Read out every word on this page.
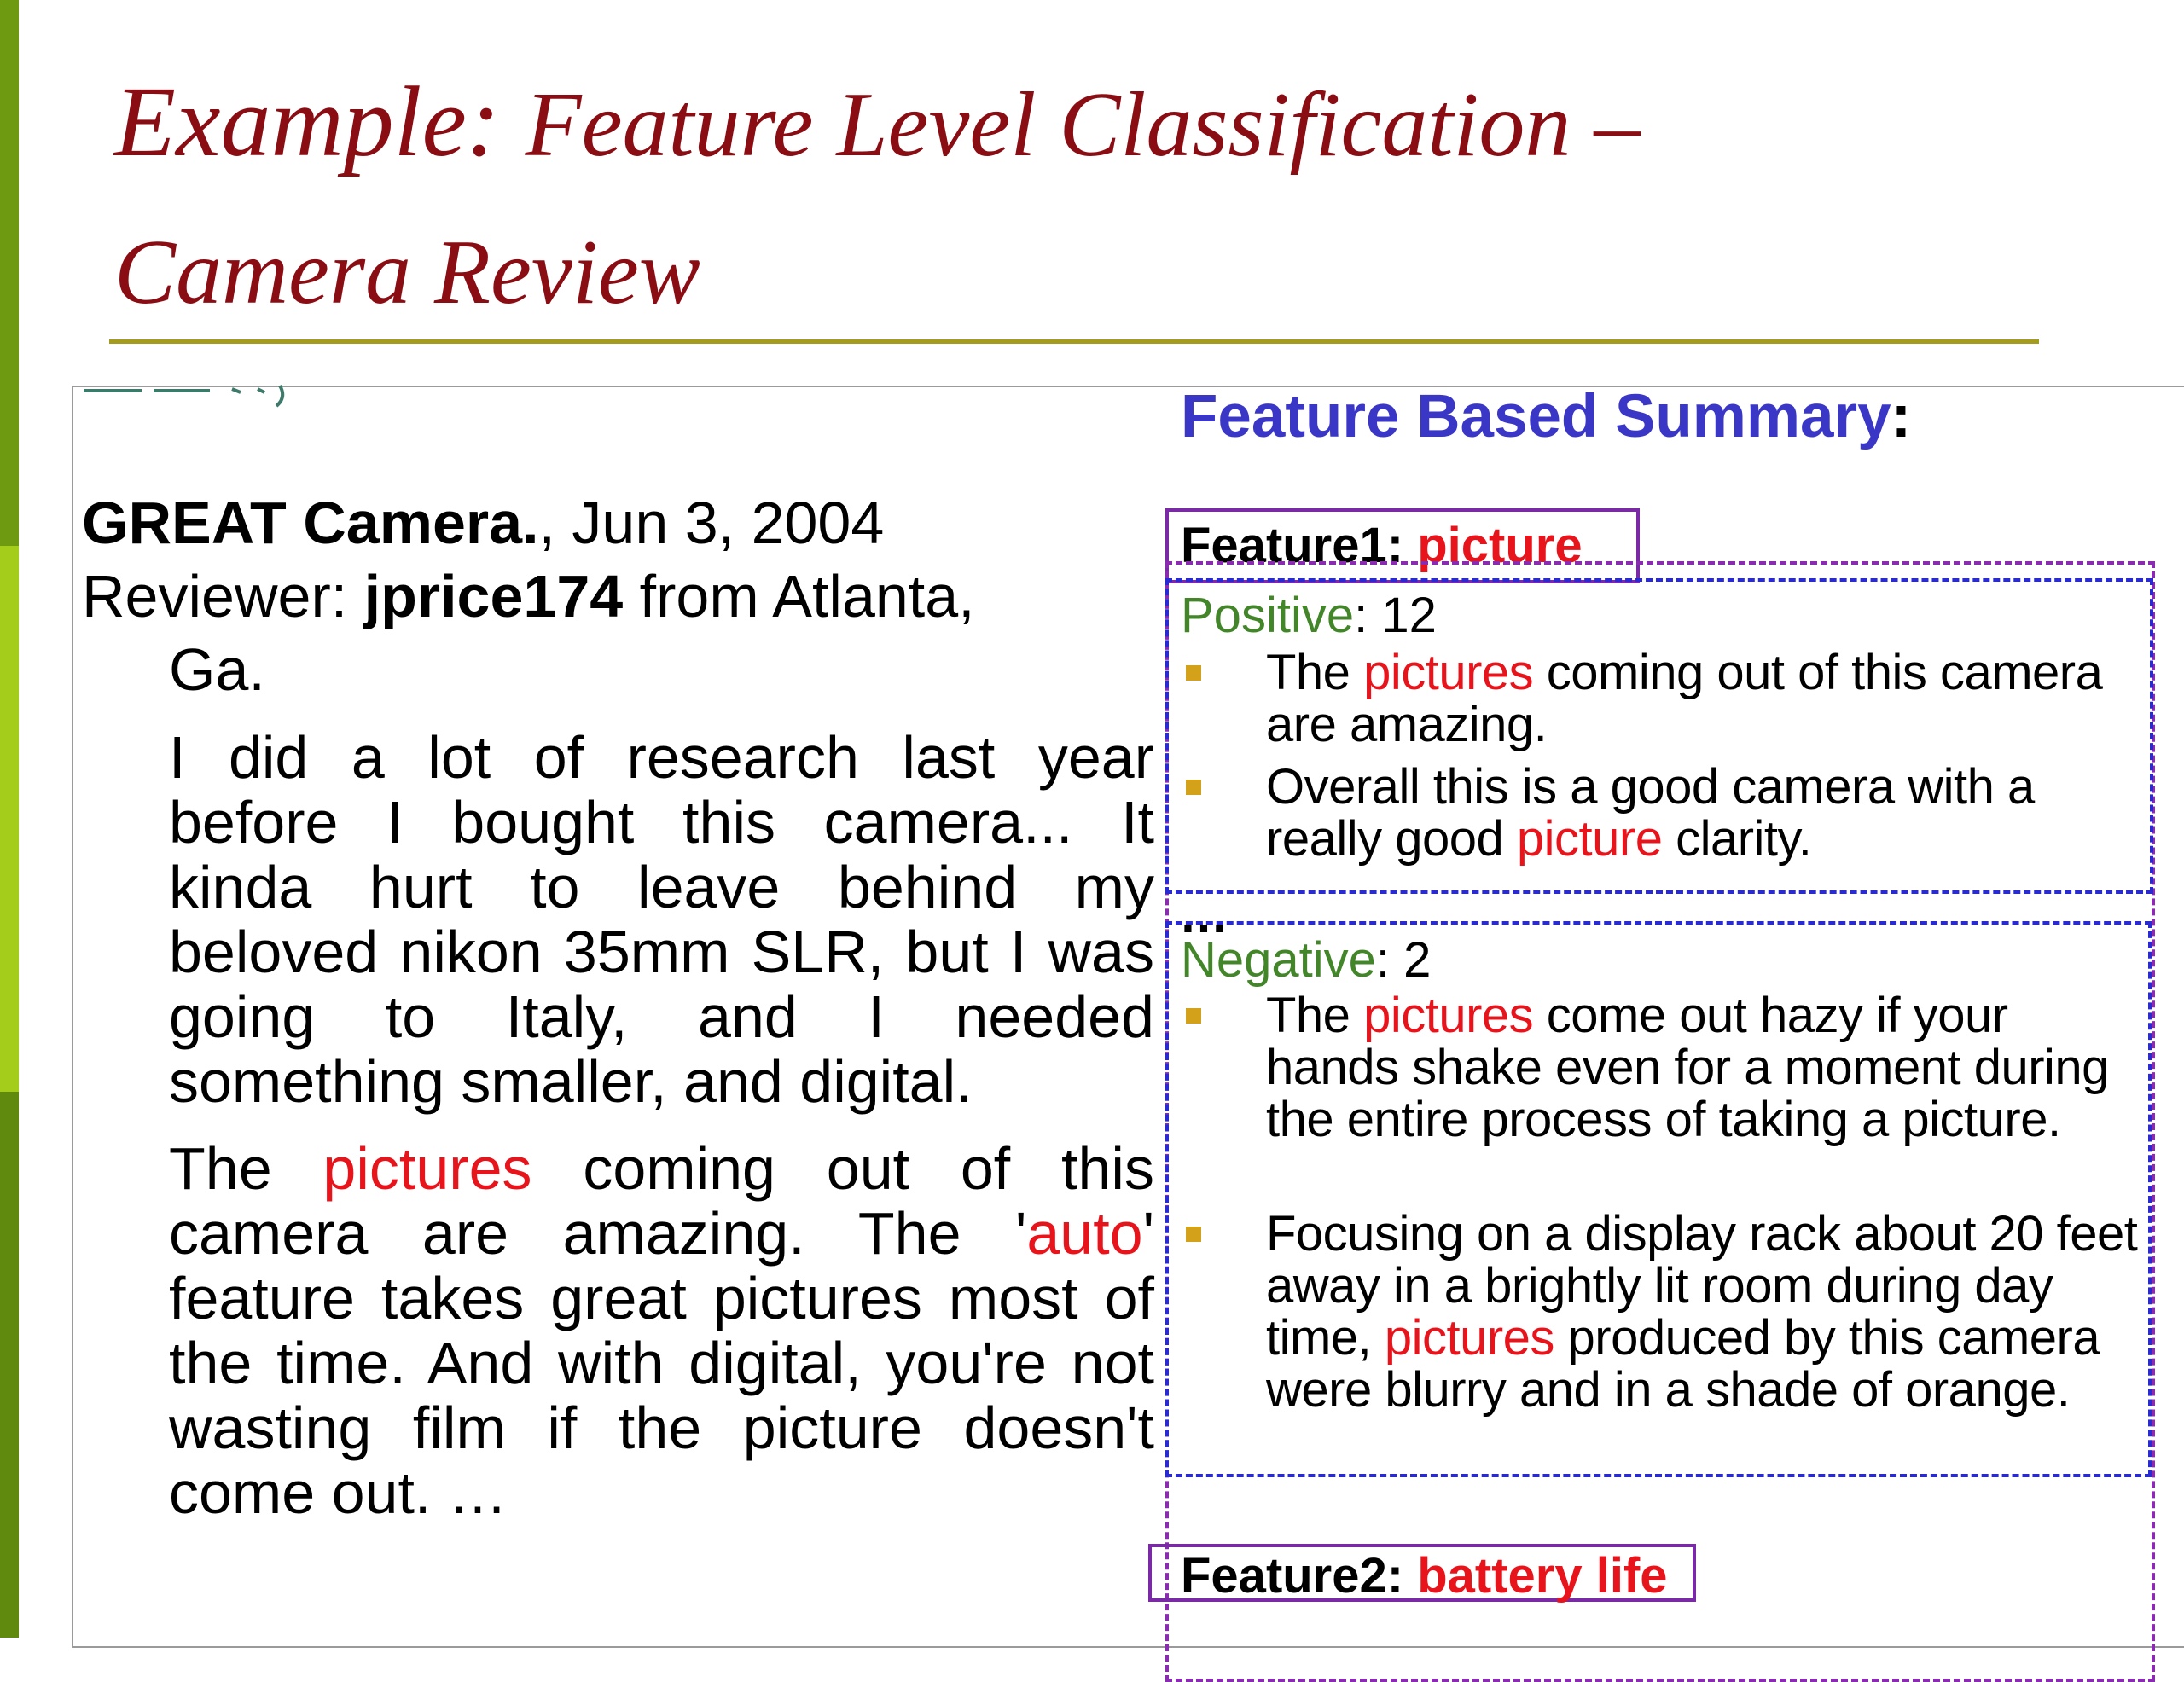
Example: Feature Level Classification –
Camera Review
GREAT Camera., Jun 3, 2004
Reviewer: jprice174 from Atlanta,
Ga.
I did a lot of research last year before I bought this camera... It kinda hurt to leave behind my beloved nikon 35mm SLR, but I was going to Italy, and I needed something smaller, and digital.
The pictures coming out of this camera are amazing. The 'auto' feature takes great pictures most of the time. And with digital, you're not wasting film if the picture doesn't come out. …
Feature Based Summary:
Feature1: picture
Positive: 12
The pictures coming out of this camera are amazing.
Overall this is a good camera with a really good picture clarity.
…
Negative: 2
The pictures come out hazy if your hands shake even for a moment during the entire process of taking a picture.
Focusing on a display rack about 20 feet away in a brightly lit room during day time, pictures produced by this camera were blurry and in a shade of orange.
Feature2: battery life
